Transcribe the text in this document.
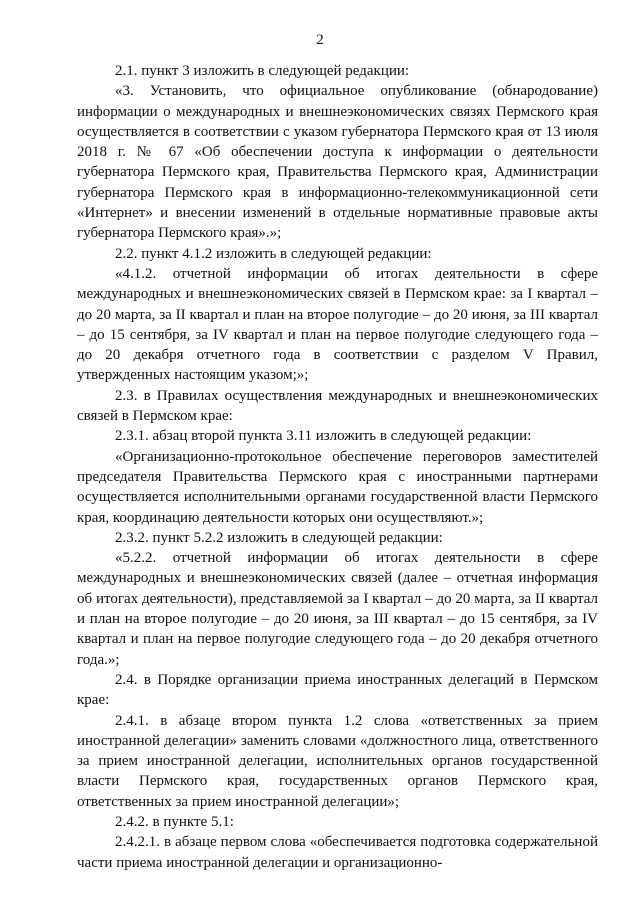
2

2.1. пункт 3 изложить в следующей редакции:

«3. Установить, что официальное опубликование (обнародование) информации о международных и внешнеэкономических связях Пермского края осуществляется в соответствии с указом губернатора Пермского края от 13 июля 2018 г. № 67 «Об обеспечении доступа к информации о деятельности губернатора Пермского края, Правительства Пермского края, Администрации губернатора Пермского края в информационно-телекоммуникационной сети «Интернет» и внесении изменений в отдельные нормативные правовые акты губернатора Пермского края».»;

2.2. пункт 4.1.2 изложить в следующей редакции:

«4.1.2. отчетной информации об итогах деятельности в сфере международных и внешнеэкономических связей в Пермском крае: за I квартал – до 20 марта, за II квартал и план на второе полугодие – до 20 июня, за III квартал – до 15 сентября, за IV квартал и план на первое полугодие следующего года – до 20 декабря отчетного года в соответствии с разделом V Правил, утвержденных настоящим указом;»;

2.3. в Правилах осуществления международных и внешнеэкономических связей в Пермском крае:

2.3.1. абзац второй пункта 3.11 изложить в следующей редакции:

«Организационно-протокольное обеспечение переговоров заместителей председателя Правительства Пермского края с иностранными партнерами осуществляется исполнительными органами государственной власти Пермского края, координацию деятельности которых они осуществляют.»;

2.3.2. пункт 5.2.2 изложить в следующей редакции:

«5.2.2. отчетной информации об итогах деятельности в сфере международных и внешнеэкономических связей (далее – отчетная информация об итогах деятельности), представляемой за I квартал – до 20 марта, за II квартал и план на второе полугодие – до 20 июня, за III квартал – до 15 сентября, за IV квартал и план на первое полугодие следующего года – до 20 декабря отчетного года.»;

2.4. в Порядке организации приема иностранных делегаций в Пермском крае:

2.4.1. в абзаце втором пункта 1.2 слова «ответственных за прием иностранной делегации» заменить словами «должностного лица, ответственного за прием иностранной делегации, исполнительных органов государственной власти Пермского края, государственных органов Пермского края, ответственных за прием иностранной делегации»;

2.4.2. в пункте 5.1:

2.4.2.1. в абзаце первом слова «обеспечивается подготовка содержательной части приема иностранной делегации и организационно-
